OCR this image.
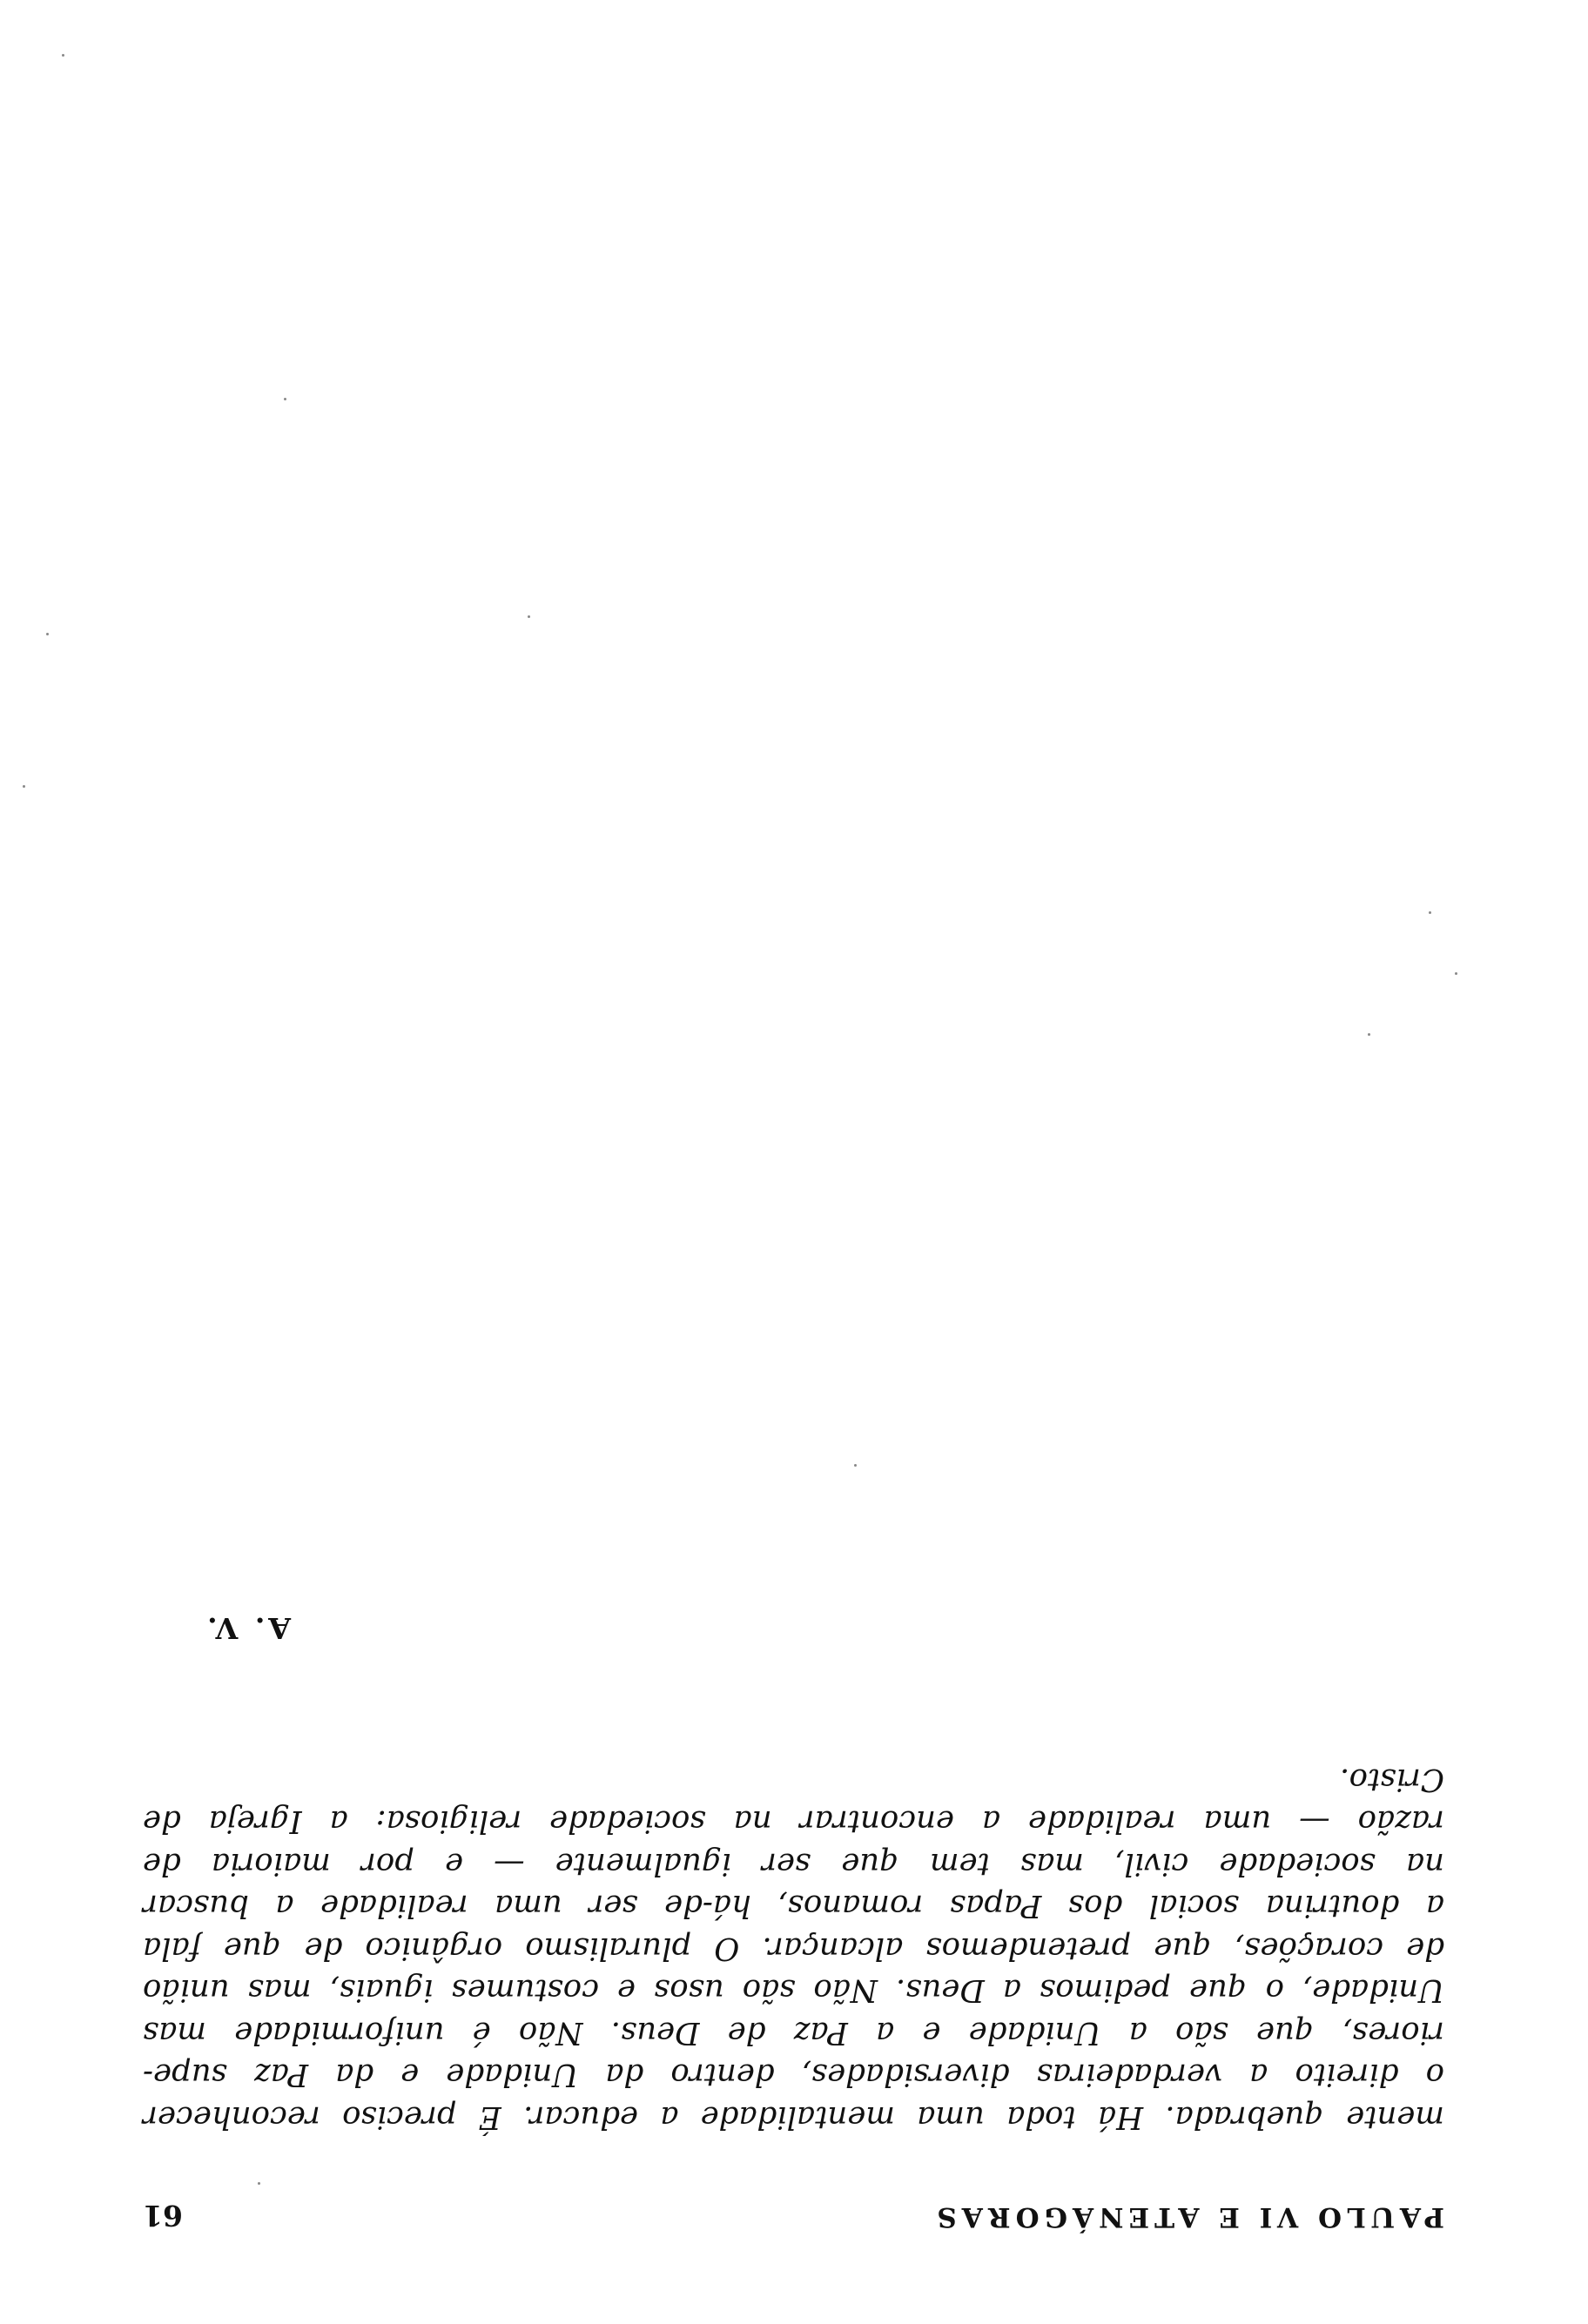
PAULO VI E ATENÁGORAS
61
mente quebrada. Há toda uma mentalidade a educar. É preciso reconhecer
o direito a verdadeiras diversidades, dentro da Unidade e da Paz supe-
riores, que são a Unidade e a Paz de Deus. Não é uniformidade mas
Unidade, o que pedimos a Deus. Não são usos e costumes iguais, mas união
de corações, que pretendemos alcançar. O pluralismo orgânico de que fala
a doutrina social dos Papas romanos, há-de ser uma realidade a buscar
na sociedade civil, mas tem que ser igualmente — e por maioria de
razão — uma realidade a encontrar na sociedade religiosa: a Igreja de
Cristo.
A. V.
